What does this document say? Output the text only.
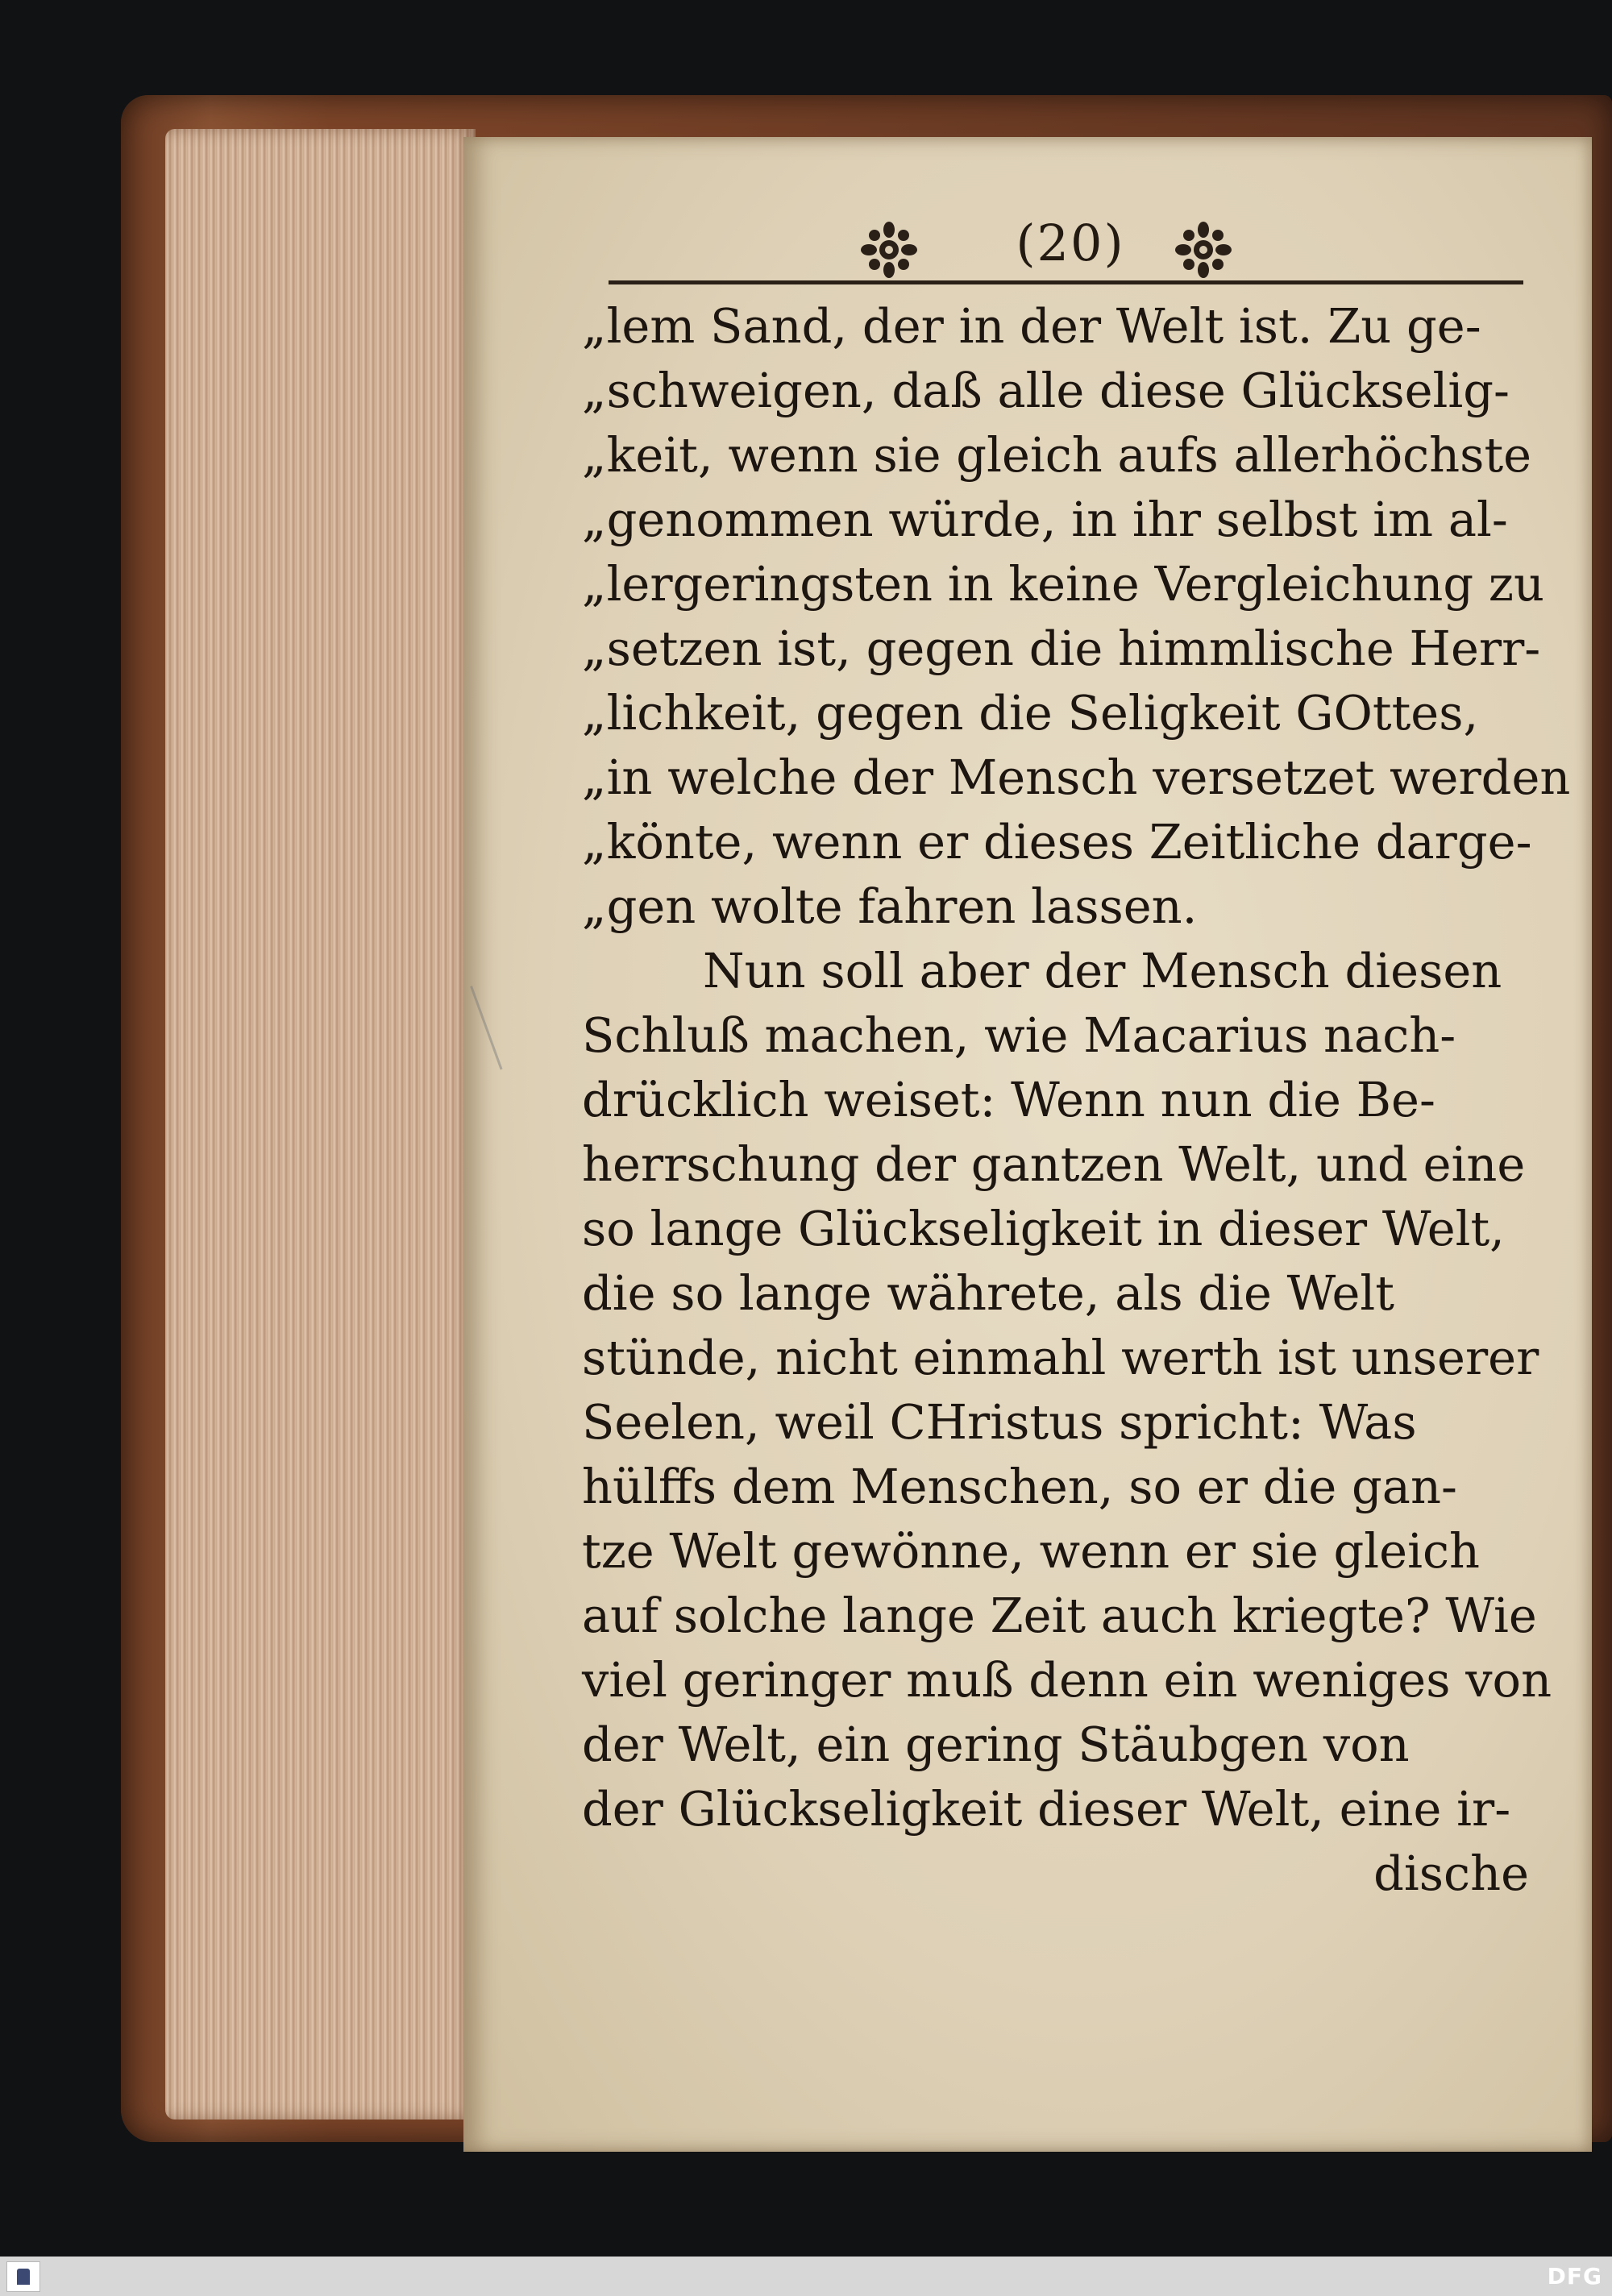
(20)
„lem Sand, der in der Welt ist. Zu ge-
„schweigen, daß alle diese Glückselig-
„keit, wenn sie gleich aufs allerhöchste
„genommen würde, in ihr selbst im al-
„lergeringsten in keine Vergleichung zu
„setzen ist, gegen die himmlische Herr-
„lichkeit, gegen die Seligkeit GOttes,
„in welche der Mensch versetzet werden
„könte, wenn er dieses Zeitliche darge-
„gen wolte fahren lassen.
Nun soll aber der Mensch diesen
Schluß machen, wie Macarius nach-
drücklich weiset: Wenn nun die Be-
herrschung der gantzen Welt, und eine
so lange Glückseligkeit in dieser Welt,
die so lange währete, als die Welt
stünde, nicht einmahl werth ist unserer
Seelen, weil CHristus spricht: Was
hülffs dem Menschen, so er die gan-
tze Welt gewönne, wenn er sie gleich
auf solche lange Zeit auch kriegte? Wie
viel geringer muß denn ein weniges von
der Welt, ein gering Stäubgen von
der Glückseligkeit dieser Welt, eine ir-
dische
DFG
